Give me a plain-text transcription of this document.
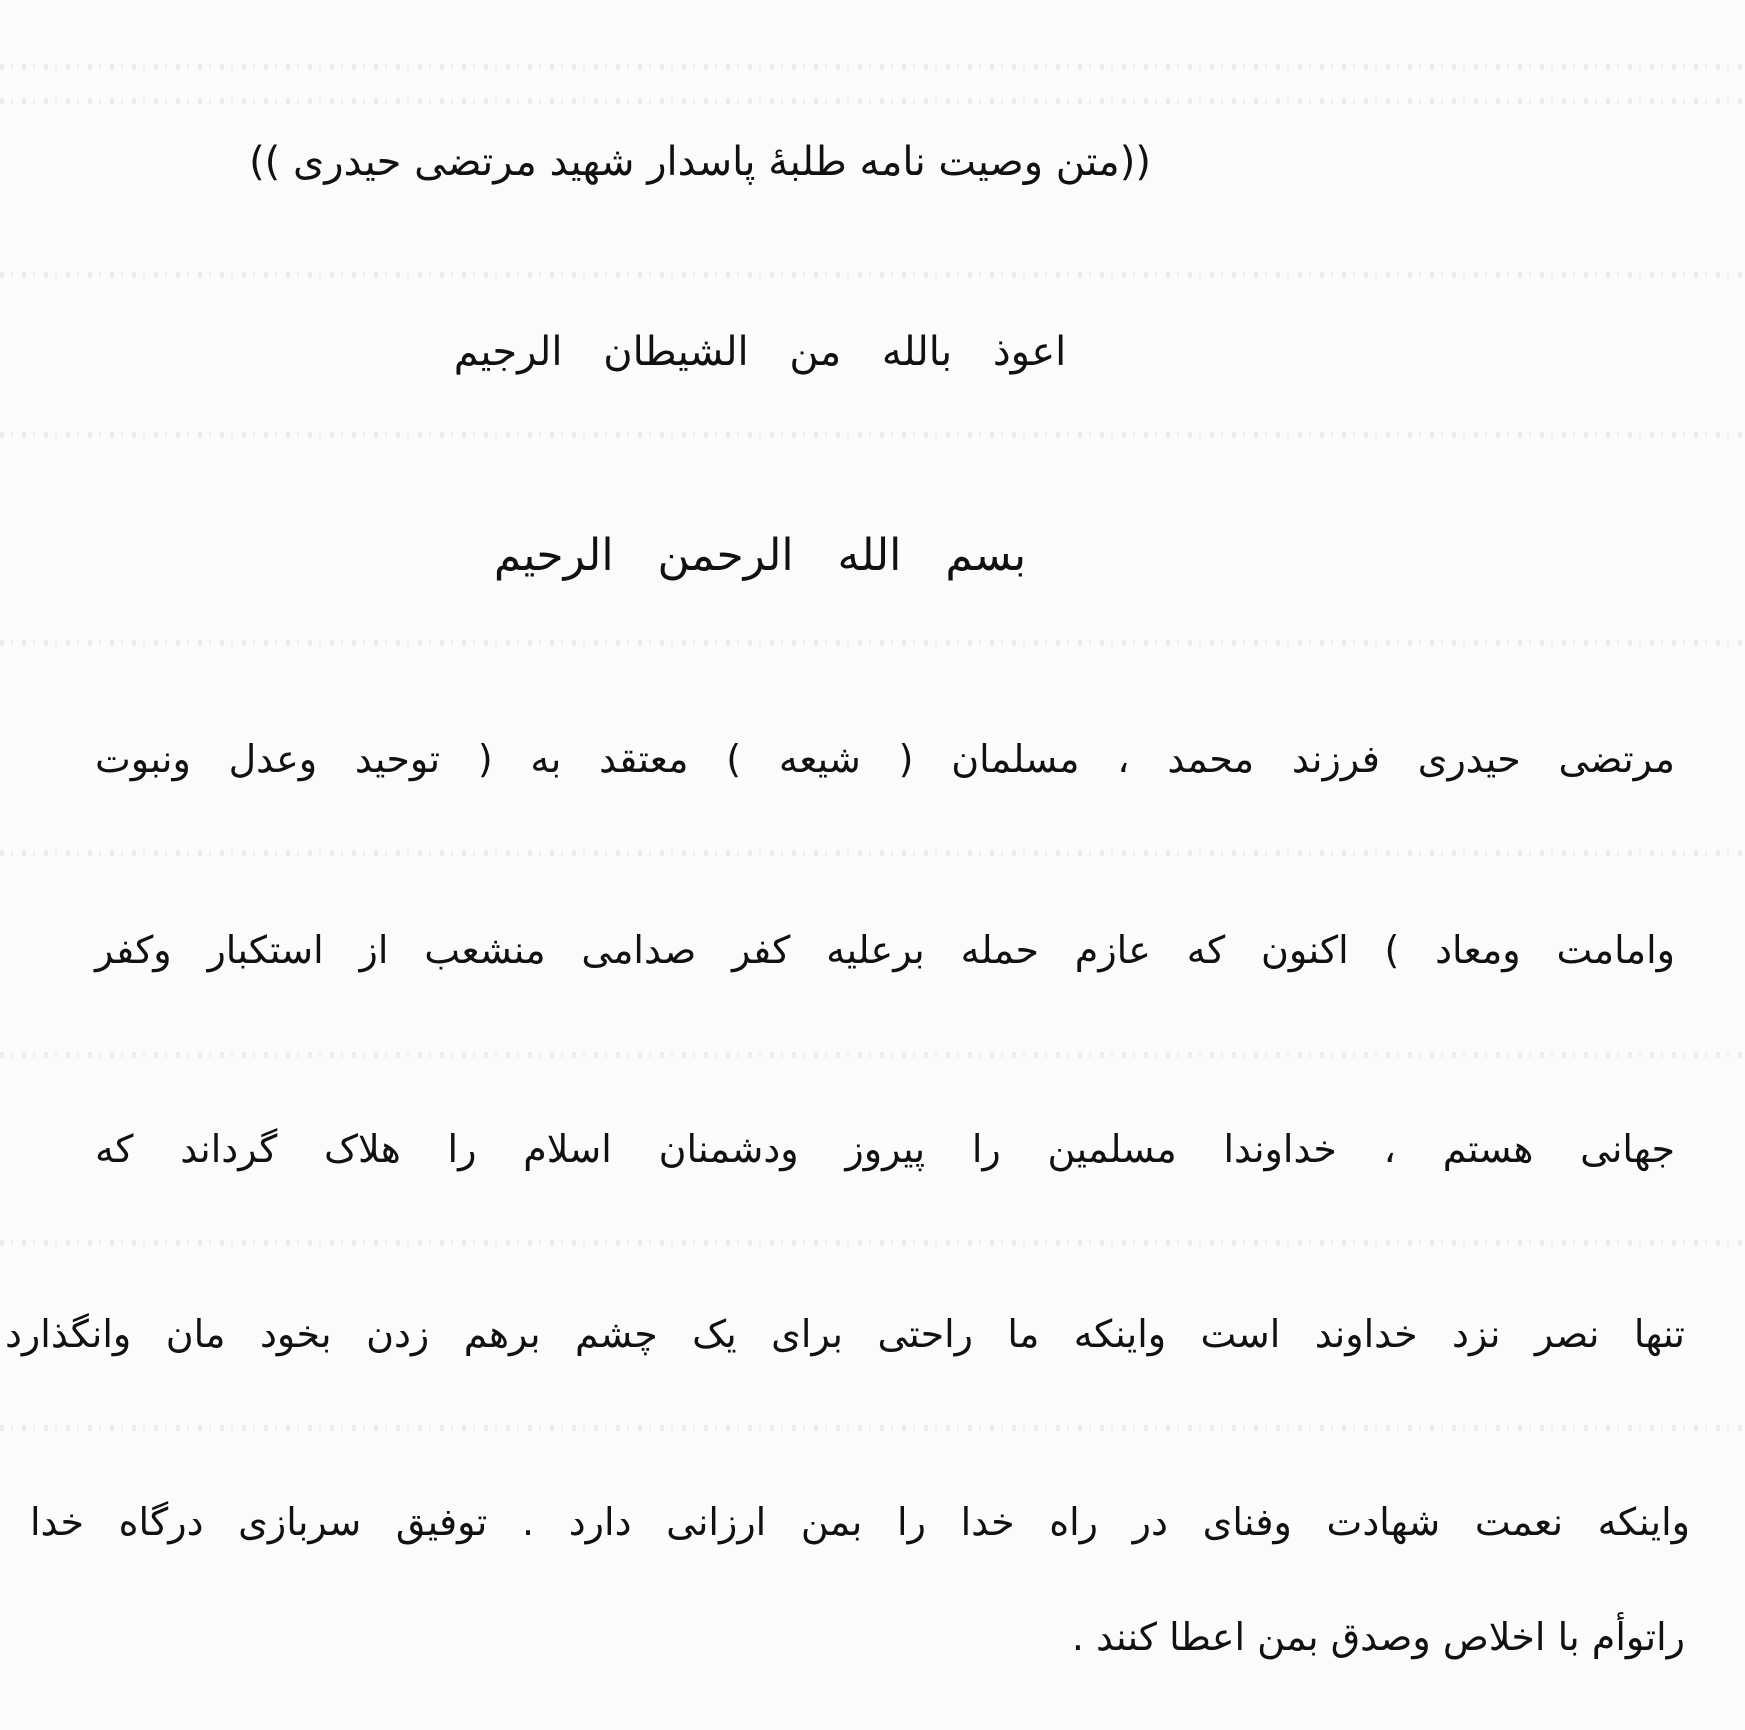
((متن وصیت نامه طلبهٔ پاسدار شهید مرتضی حیدری ))
اعوذ بالله من الشیطان الرجیم
بسم الله الرحمن الرحیم
مرتضی حیدری فرزند محمد ، مسلمان ( شیعه ) معتقد به ( توحید وعدل ونبوت
وامامت ومعاد ) اکنون که عازم حمله برعلیه کفر صدامی منشعب از استکبار وکفر
جهانی هستم ، خداوندا مسلمین را پیروز ودشمنان اسلام را هلاک گرداند که
تنها نصر نزد خداوند است واینکه ما راحتی برای یک چشم برهم زدن بخود مان وانگذارد
واینکه نعمت شهادت وفنای در راه خدا را بمن ارزانی دارد . توفیق سربازی درگاه خدا
راتوأم با اخلاص وصدق بمن اعطا کنند .
